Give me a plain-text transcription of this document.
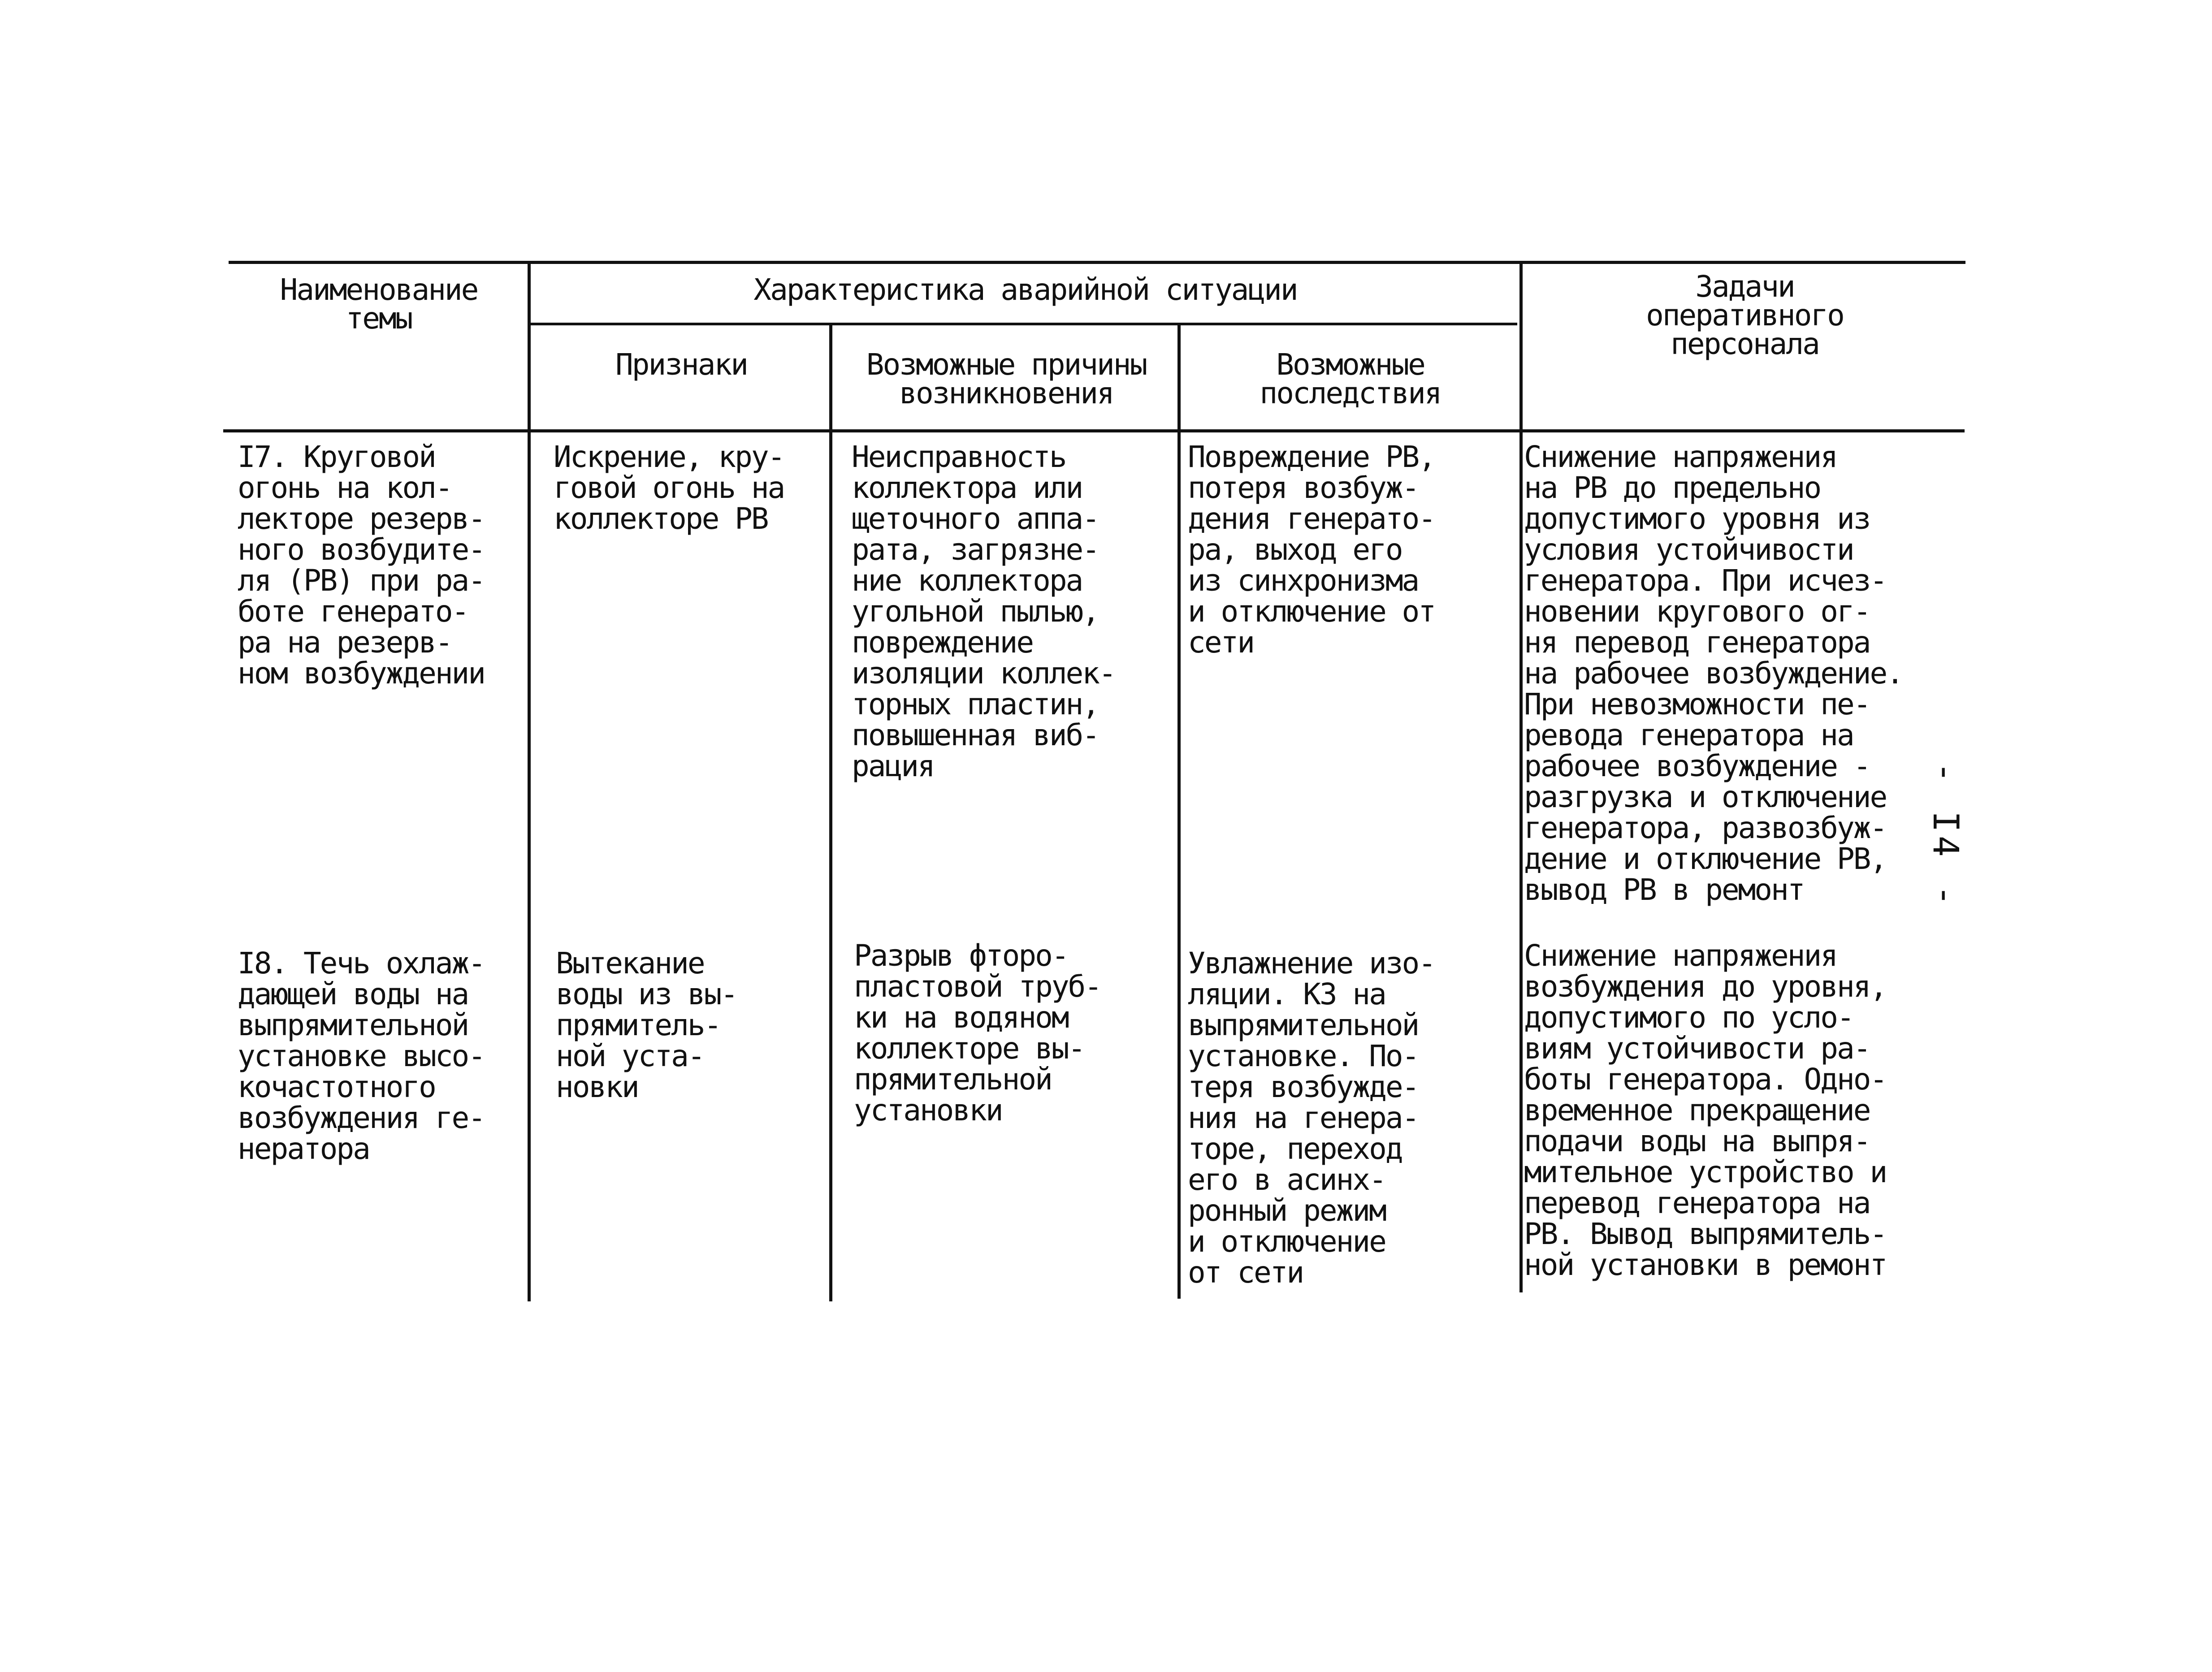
Наименование
темы
Характеристика аварийной ситуации
Признаки	Возможные причины
возникновения
Возможные
последствия
Задачи
оперативного
персонала
I7. Круговой
огонь на кол-
лекторе резерв-
ного возбудите-
ля (РВ) при ра-
боте генерато-
ра на резерв-
ном возбуждении
Искрение, кру-
говой огонь на
коллекторе РВ
Неисправность
коллектора или
щеточного аппа-
рата, загрязне-
ние коллектора
угольной пылью,
повреждение
изоляции коллек-
торных пластин,
повышенная виб-
рация
Повреждение РВ,
потеря возбуж-
дения генерато-
ра, выход его
из синхронизма
и отключение от
сети
Снижение напряжения
на РВ до предельно
допустимого уровня из
условия устойчивости
генератора. При исчез-
новении кругового ог-
ня перевод генератора
на рабочее возбуждение.
При невозможности пе-
ревода генератора на
рабочее возбуждение -
разгрузка и отключение
генератора, развозбуж-
дение и отключение РВ,
вывод РВ в ремонт
I8. Течь охлаж-
дающей воды на
выпрямительной
установке высо-
кочастотного
возбуждения ге-
нератора
Вытекание
воды из вы-
прямитель-
ной уста-
новки
Разрыв фторо-
пластовой труб-
ки на водяном
коллекторе вы-
прямительной
установки
Увлажнение изо-
ляции. КЗ на
выпрямительной
установке. По-
теря возбужде-
ния на генера-
торе, переход
его в асинх-
ронный режим
и отключение
от сети
Снижение напряжения
возбуждения до уровня,
допустимого по усло-
виям устойчивости ра-
боты генератора. Одно-
временное прекращение
подачи воды на выпря-
мительное устройство и
перевод генератора на
РВ. Вывод выпрямитель-
ной установки в ремонт
- I4 -
